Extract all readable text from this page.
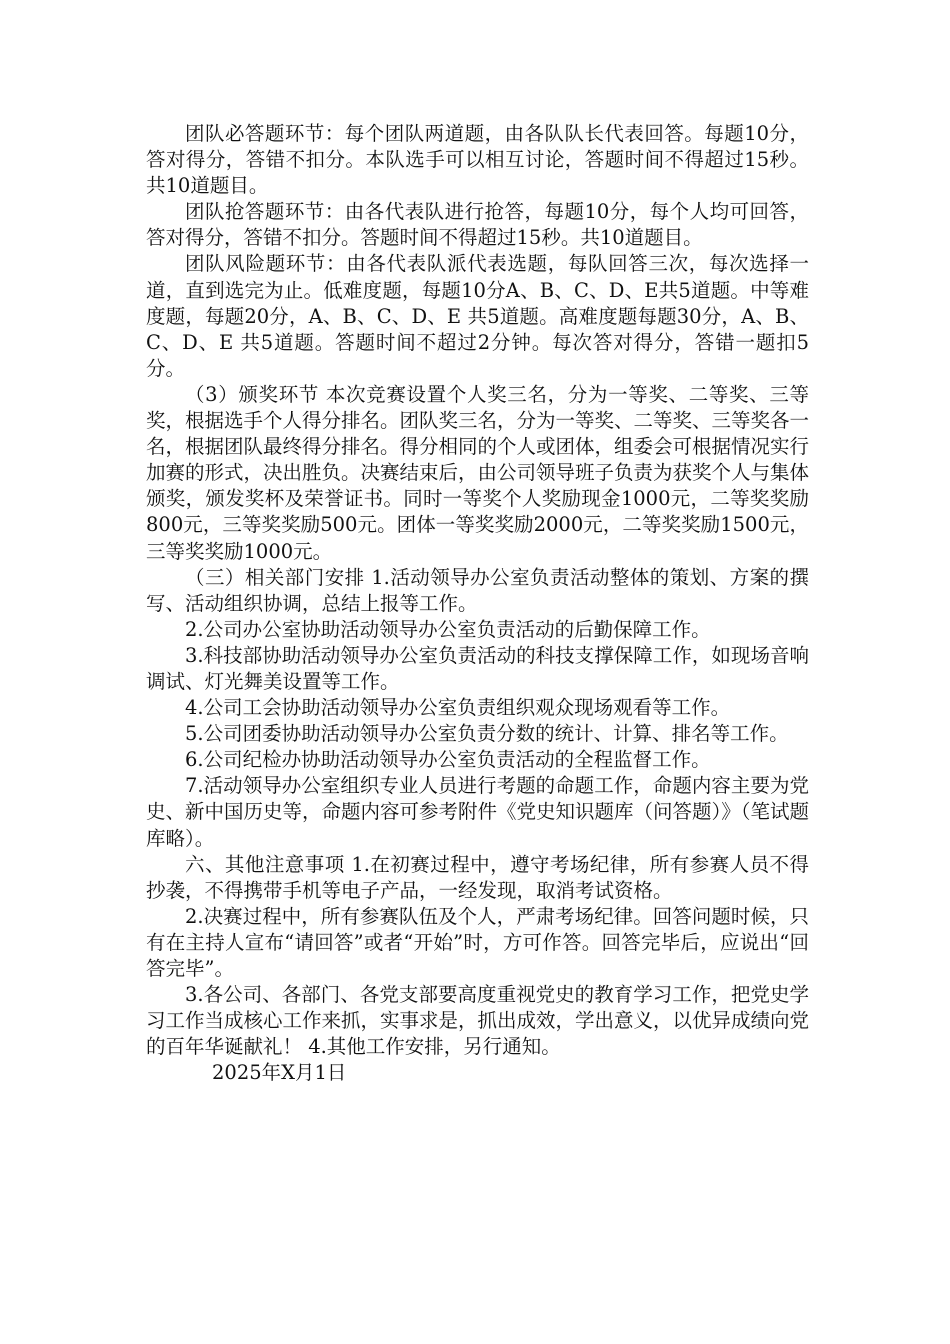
团队必答题环节：每个团队两道题，由各队队长代表回答。每题10分，答对得分，答错不扣分。本队选手可以相互讨论，答题时间不得超过15秒。共10道题目。

团队抢答题环节：由各代表队进行抢答，每题10分，每个人均可回答，答对得分，答错不扣分。答题时间不得超过15秒。共10道题目。

团队风险题环节：由各代表队派代表选题，每队回答三次，每次选择一道，直到选完为止。低难度题，每题10分A、B、C、D、E共5道题。中等难度题，每题20分，A、B、C、D、E 共5道题。高难度题每题30分，A、B、C、D、E 共5道题。答题时间不超过2分钟。每次答对得分，答错一题扣5分。

（3）颁奖环节 本次竞赛设置个人奖三名，分为一等奖、二等奖、三等奖，根据选手个人得分排名。团队奖三名，分为一等奖、二等奖、三等奖各一名，根据团队最终得分排名。得分相同的个人或团体，组委会可根据情况实行加赛的形式，决出胜负。决赛结束后，由公司领导班子负责为获奖个人与集体颁奖，颁发奖杯及荣誉证书。同时一等奖个人奖励现金1000元，二等奖奖励800元，三等奖奖励500元。团体一等奖奖励2000元，二等奖奖励1500元，三等奖奖励1000元。

（三）相关部门安排 1.活动领导办公室负责活动整体的策划、方案的撰写、活动组织协调，总结上报等工作。

2.公司办公室协助活动领导办公室负责活动的后勤保障工作。

3.科技部协助活动领导办公室负责活动的科技支撑保障工作，如现场音响调试、灯光舞美设置等工作。

4.公司工会协助活动领导办公室负责组织观众现场观看等工作。

5.公司团委协助活动领导办公室负责分数的统计、计算、排名等工作。

6.公司纪检办协助活动领导办公室负责活动的全程监督工作。

7.活动领导办公室组织专业人员进行考题的命题工作，命题内容主要为党史、新中国历史等，命题内容可参考附件《党史知识题库（问答题）》（笔试题库略）。

六、其他注意事项 1.在初赛过程中，遵守考场纪律，所有参赛人员不得抄袭，不得携带手机等电子产品，一经发现，取消考试资格。

2.决赛过程中，所有参赛队伍及个人，严肃考场纪律。回答问题时候，只有在主持人宣布“请回答”或者“开始”时，方可作答。回答完毕后，应说出“回答完毕”。

3.各公司、各部门、各党支部要高度重视党史的教育学习工作，把党史学习工作当成核心工作来抓，实事求是，抓出成效，学出意义，以优异成绩向党的百年华诞献礼！ 4.其他工作安排，另行通知。

2025年X月1日
